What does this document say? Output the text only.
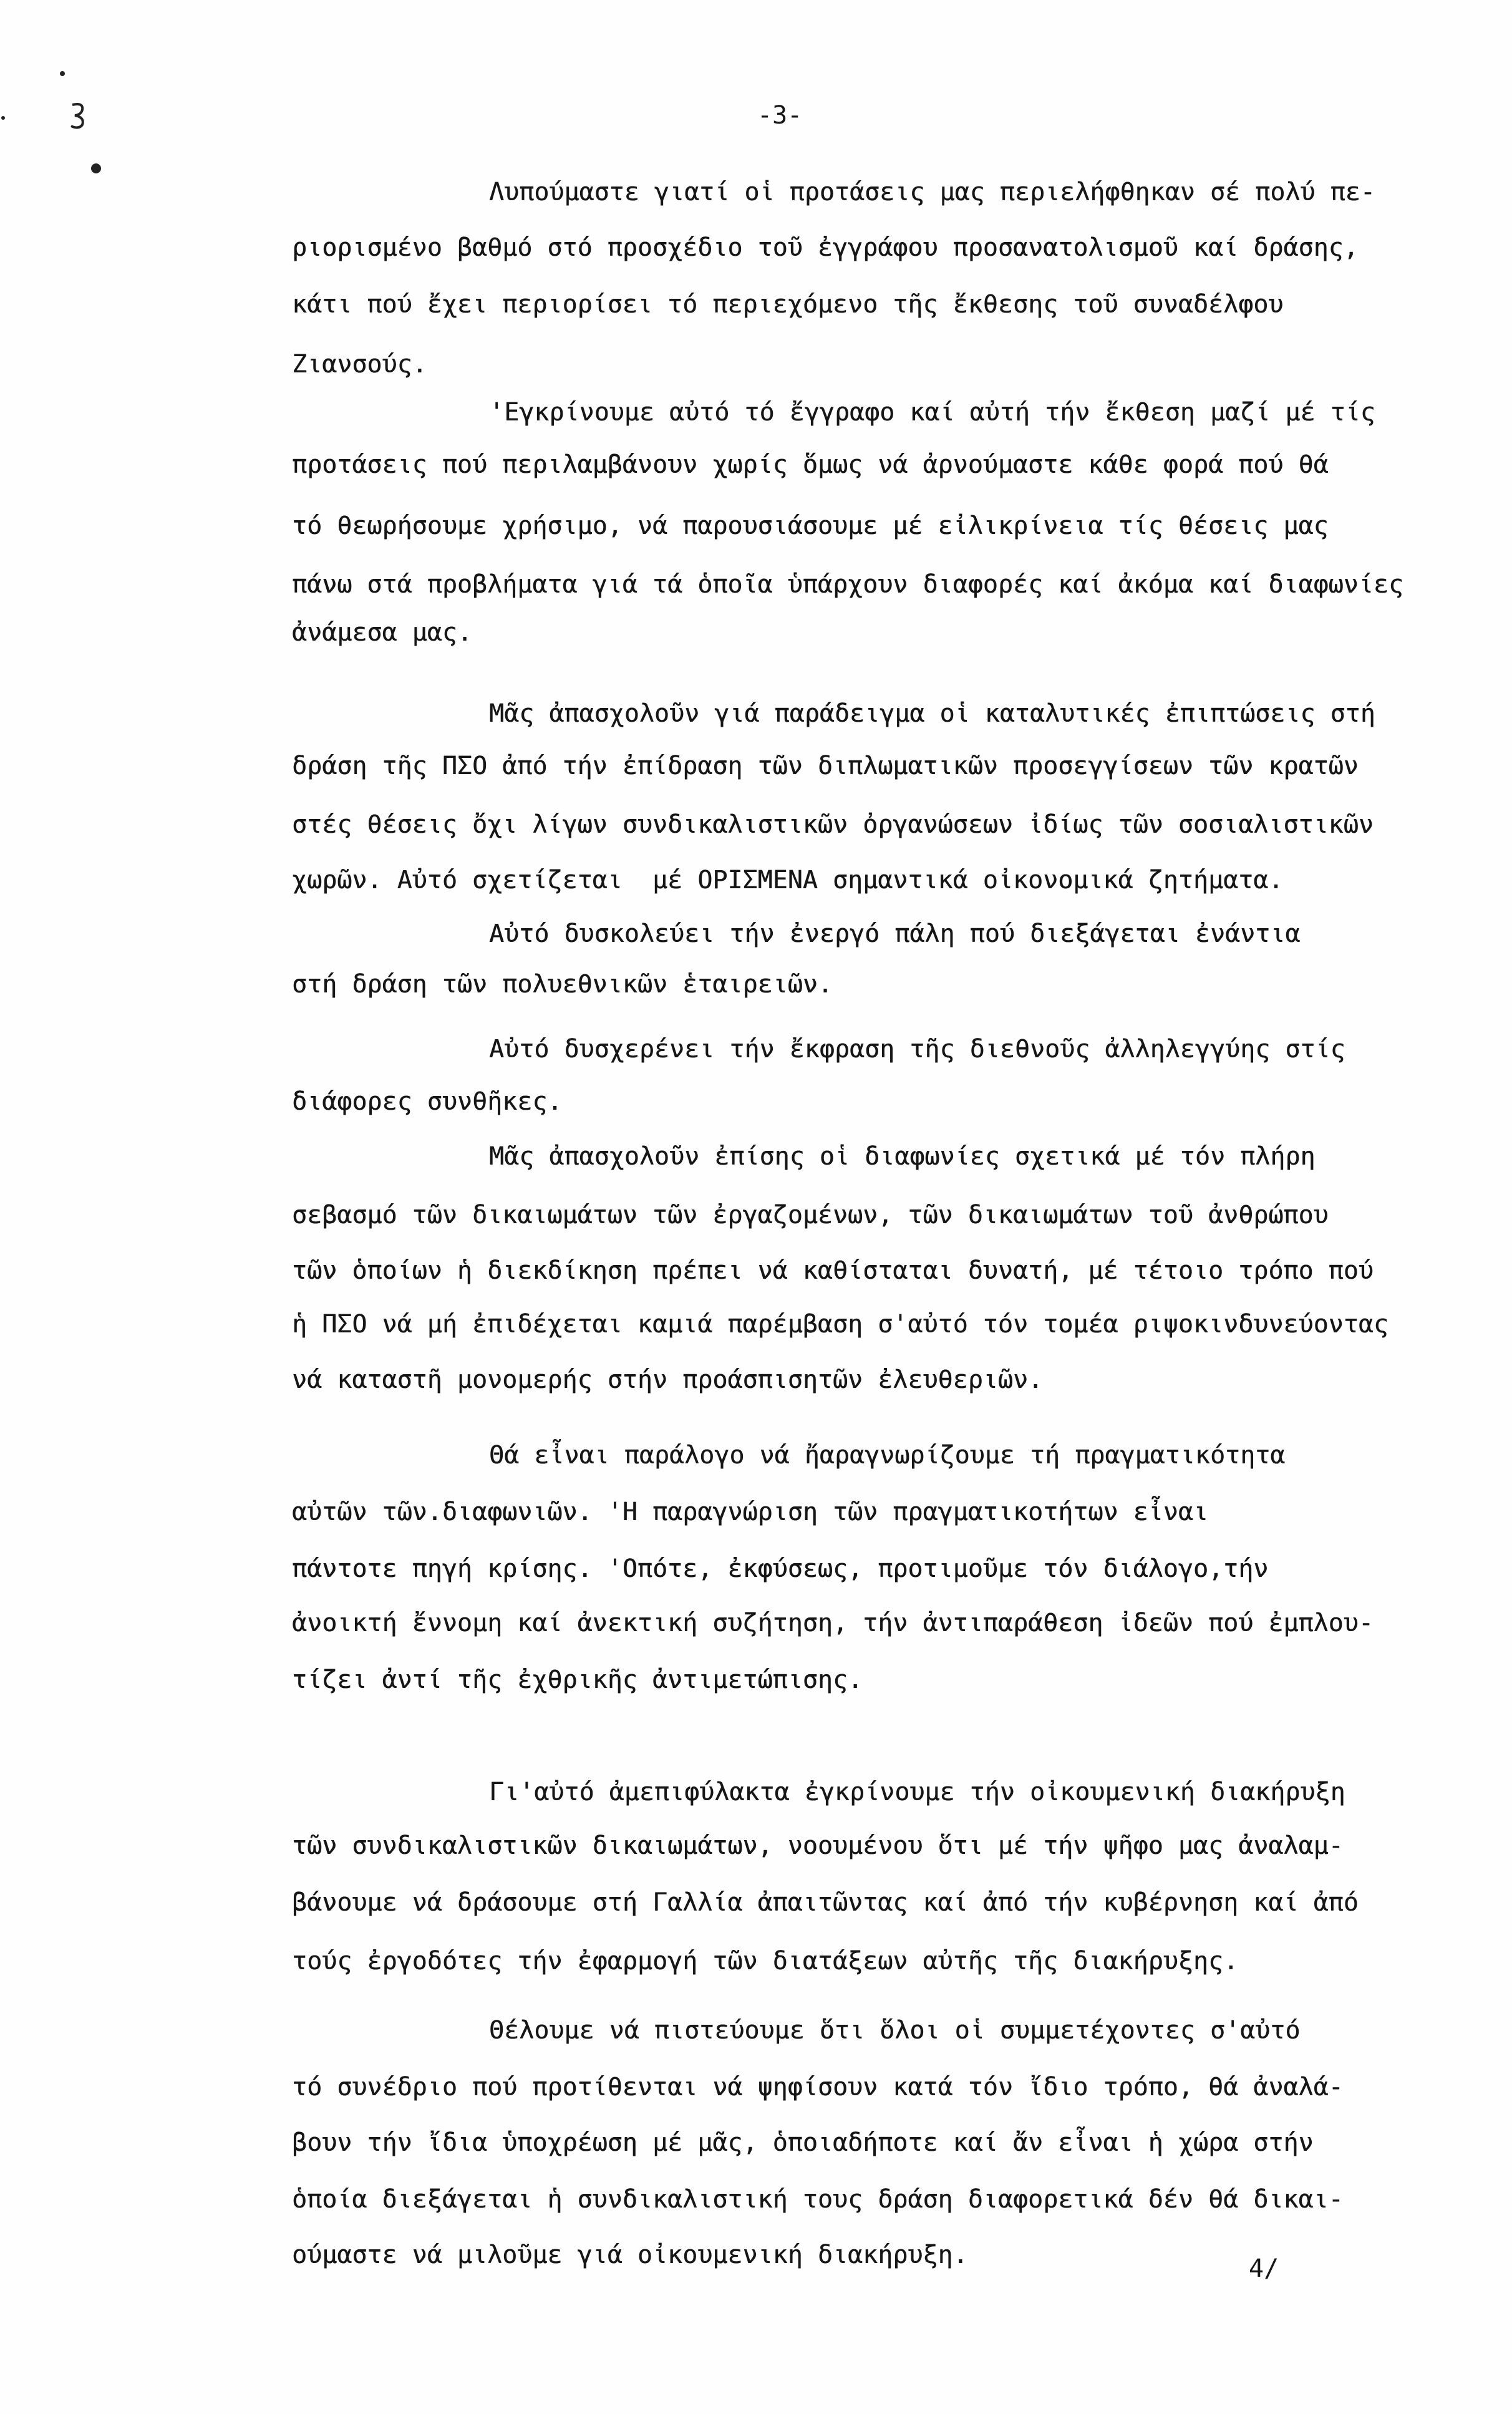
-3-
Λυπούμαστε γιατί οἱ προτάσεις μας περιελήφθηκαν σέ πολύ πε-
ριορισμένο βαθμό στό προσχέδιο τοῦ ἐγγράφου προσανατολισμοῦ καί δράσης,
κάτι πού ἔχει περιορίσει τό περιεχόμενο τῆς ἔκθεσης τοῦ συναδέλφου
Ζιανσούς.
'Εγκρίνουμε αὐτό τό ἔγγραφο καί αὐτή τήν ἔκθεση μαζί μέ τίς
προτάσεις πού περιλαμβάνουν χωρίς ὅμως νά ἀρνούμαστε κάθε φορά πού θά
τό θεωρήσουμε χρήσιμο, νά παρουσιάσουμε μέ εἰλικρίνεια τίς θέσεις μας
πάνω στά προβλήματα γιά τά ὁποῖα ὑπάρχουν διαφορές καί ἀκόμα καί διαφωνίες
ἀνάμεσα μας.
Μᾶς ἀπασχολοῦν γιά παράδειγμα οἱ καταλυτικές ἐπιπτώσεις στή
δράση τῆς ΠΣΟ ἀπό τήν ἐπίδραση τῶν διπλωματικῶν προσεγγίσεων τῶν κρατῶν
στές θέσεις ὄχι λίγων συνδικαλιστικῶν ὀργανώσεων ἰδίως τῶν σοσιαλιστικῶν
χωρῶν. Αὐτό σχετίζεται  μέ ΟΡΙΣΜΕΝΑ σημαντικά οἰκονομικά ζητήματα.
Αὐτό δυσκολεύει τήν ἐνεργό πάλη πού διεξάγεται ἐνάντια
στή δράση τῶν πολυεθνικῶν ἑταιρειῶν.
Αὐτό δυσχερένει τήν ἔκφραση τῆς διεθνοῦς ἀλληλεγγύης στίς
διάφορες συνθῆκες.
Μᾶς ἀπασχολοῦν ἐπίσης οἱ διαφωνίες σχετικά μέ τόν πλήρη
σεβασμό τῶν δικαιωμάτων τῶν ἐργαζομένων, τῶν δικαιωμάτων τοῦ ἀνθρώπου
τῶν ὁποίων ἡ διεκδίκηση πρέπει νά καθίσταται δυνατή, μέ τέτοιο τρόπο πού
ἡ ΠΣΟ νά μή ἐπιδέχεται καμιά παρέμβαση σ'αὐτό τόν τομέα ριψοκινδυνεύοντας
νά καταστῆ μονομερής στήν προάσπισητῶν ἐλευθεριῶν.
Θά εἶναι παράλογο νά ἤαραγνωρίζουμε τή πραγματικότητα
αὐτῶν τῶν.διαφωνιῶν. 'Η παραγνώριση τῶν πραγματικοτήτων εἶναι
πάντοτε πηγή κρίσης. 'Οπότε, ἐκφύσεως, προτιμοῦμε τόν διάλογο,τήν
ἀνοικτή ἔννομη καί ἀνεκτική συζήτηση, τήν ἀντιπαράθεση ἰδεῶν πού ἐμπλου-
τίζει ἀντί τῆς ἐχθρικῆς ἀντιμετώπισης.
Γι'αὐτό ἀμεπιφύλακτα ἐγκρίνουμε τήν οἰκουμενική διακήρυξη
τῶν συνδικαλιστικῶν δικαιωμάτων, νοουμένου ὅτι μέ τήν ψῆφο μας ἀναλαμ-
βάνουμε νά δράσουμε στή Γαλλία ἀπαιτῶντας καί ἀπό τήν κυβέρνηση καί ἀπό
τούς ἐργοδότες τήν ἐφαρμογή τῶν διατάξεων αὐτῆς τῆς διακήρυξης.
Θέλουμε νά πιστεύουμε ὅτι ὅλοι οἱ συμμετέχοντες σ'αὐτό
τό συνέδριο πού προτίθενται νά ψηφίσουν κατά τόν ἴδιο τρόπο, θά ἀναλά-
βουν τήν ἴδια ὑποχρέωση μέ μᾶς, ὁποιαδήποτε καί ἄν εἶναι ἡ χώρα στήν
ὁποία διεξάγεται ἡ συνδικαλιστική τους δράση διαφορετικά δέν θά δικαι-
ούμαστε νά μιλοῦμε γιά οἰκουμενική διακήρυξη.	4/
